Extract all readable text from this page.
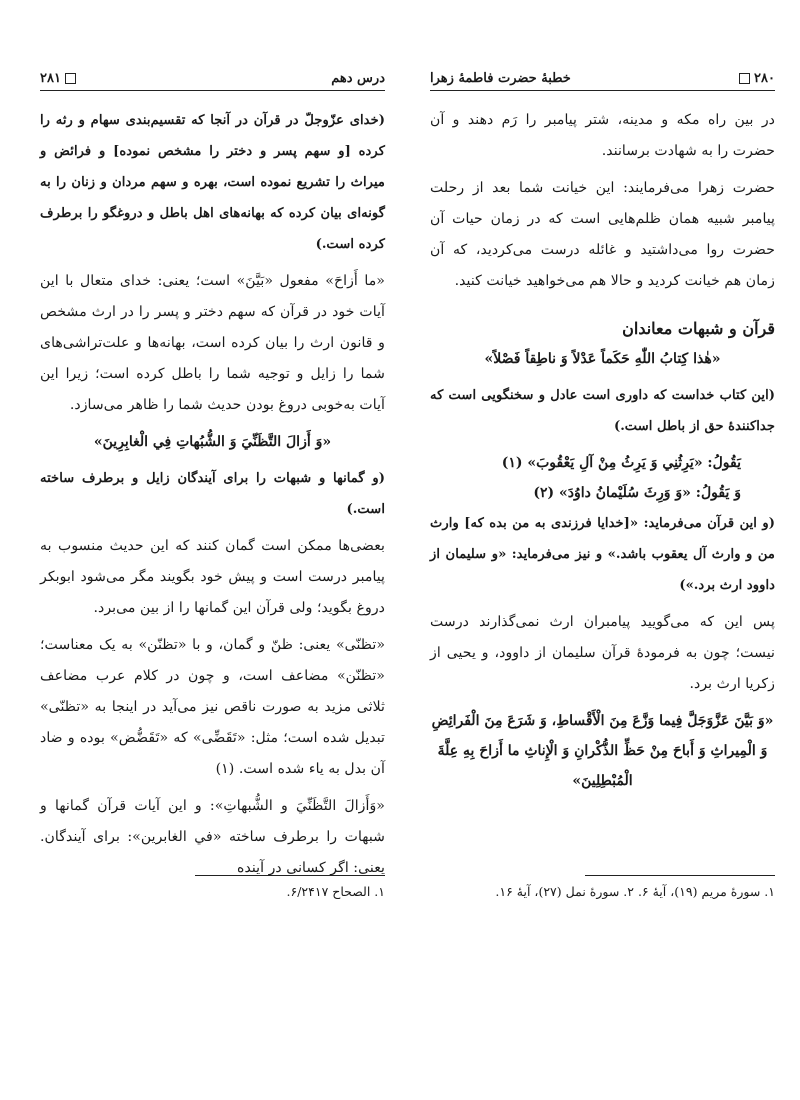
درس دهم
۲۸۱

(خدای عزّوجلّ در قرآن در آنجا که تقسیم‌بندی سهام و رثه را کرده [و سهم پسر و دختر را مشخص نموده] و فرائض و میراث را تشریع نموده است، بهره و سهم مردان و زنان را به گونه‌ای بیان کرده که بهانه‌های اهل باطل و دروغگو را برطرف کرده است.)

«ما أَزاحَ» مفعول «بَيَّنَ» است؛ یعنی: خدای متعال با این آیات خود در قرآن که سهم دختر و پسر را در ارث مشخص و قانون ارث را بیان کرده است، بهانه‌ها و علت‌تراشی‌های شما را زایل و توجیه شما را باطل کرده است؛ زیرا این آیات به‌خوبی دروغ بودن حدیث شما را ظاهر می‌سازد.

«وَ أَزالَ التَّظَنِّيَ وَ الشُّبُهاتِ فِي الْغابِرِينَ»

(و گمانها و شبهات را برای آیندگان زایل و برطرف ساخته است.)

بعضی‌ها ممکن است گمان کنند که این حدیث منسوب به پیامبر درست است و پیش خود بگویند مگر می‌شود ابوبکر دروغ بگوید؛ ولی قرآن این گمانها را از بین می‌برد.

«تظنّی» یعنی: ظنّ و گمان، و با «تظنّن» به یک معناست؛ «تظنّن» مضاعف است، و چون در کلام عرب مضاعف ثلاثی مزید به صورت ناقص نیز می‌آید در اینجا به «تظنّی» تبدیل شده است؛ مثل: «تَقَضِّی» که «تَقَضُّض» بوده و ضاد آن بدل به یاء شده است. (۱)

«وَأَزالَ التَّظَنِّيَ و الشُّبهاتِ»: و این آیات قرآن گمانها و شبهات را برطرف ساخته «في الغابرين»: برای آیندگان. یعنی: اگر کسانی در آینده

۱. الصحاح ۶/۲۴۱۷.
۲۸۰
خطبهٔ حضرت فاطمهٔ زهرا

در بین راه مکه و مدینه، شتر پیامبر را رَم دهند و آن حضرت را به شهادت برسانند.

حضرت زهرا می‌فرمایند: این خیانت شما بعد از رحلت پیامبر شبیه همان ظلم‌هایی است که در زمان حیات آن حضرت روا می‌داشتید و غائله درست می‌کردید، که آن زمان هم خیانت کردید و حالا هم می‌خواهید خیانت کنید.

قرآن و شبهات معاندان
«هٰذا كِتابُ اللّٰهِ حَكَماً عَدْلاً وَ ناطِقاً فَصْلاً»

(این کتاب خداست که داوری است عادل و سخنگویی است که جداکنندهٔ حق از باطل است.)

يَقُولُ: «يَرِثُنِي وَ يَرِثُ مِنْ آلِ يَعْقُوبَ» (۱)
وَ يَقُولُ: «وَ وَرِثَ سُلَيْمانُ داوُدَ» (۲)

(و این قرآن می‌فرماید: «[خدایا فرزندی به من بده که] وارث من و وارث آل یعقوب باشد.» و نیز می‌فرماید: «و سلیمان از داوود ارث برد.»)

پس این که می‌گویید پیامبران ارث نمی‌گذارند درست نیست؛ چون به فرمودهٔ قرآن سلیمان از داوود، و یحیی از زکریا ارث برد.

«وَ بَيَّنَ عَزَّوَجَلَّ فِيما وَزَّعَ مِنَ الْأَقْساطِ، وَ شَرَعَ مِنَ الْفَرائِضِ وَ الْمِيراثِ وَ أَباحَ مِنْ حَظِّ الذُّكْرانِ وَ الْإِناثِ ما أَزاحَ بِهِ عِلَّةَ الْمُبْطِلِينَ»
۱. سورهٔ مریم (۱۹)، آیهٔ ۶. ۲. سورهٔ نمل (۲۷)، آیهٔ ۱۶.
